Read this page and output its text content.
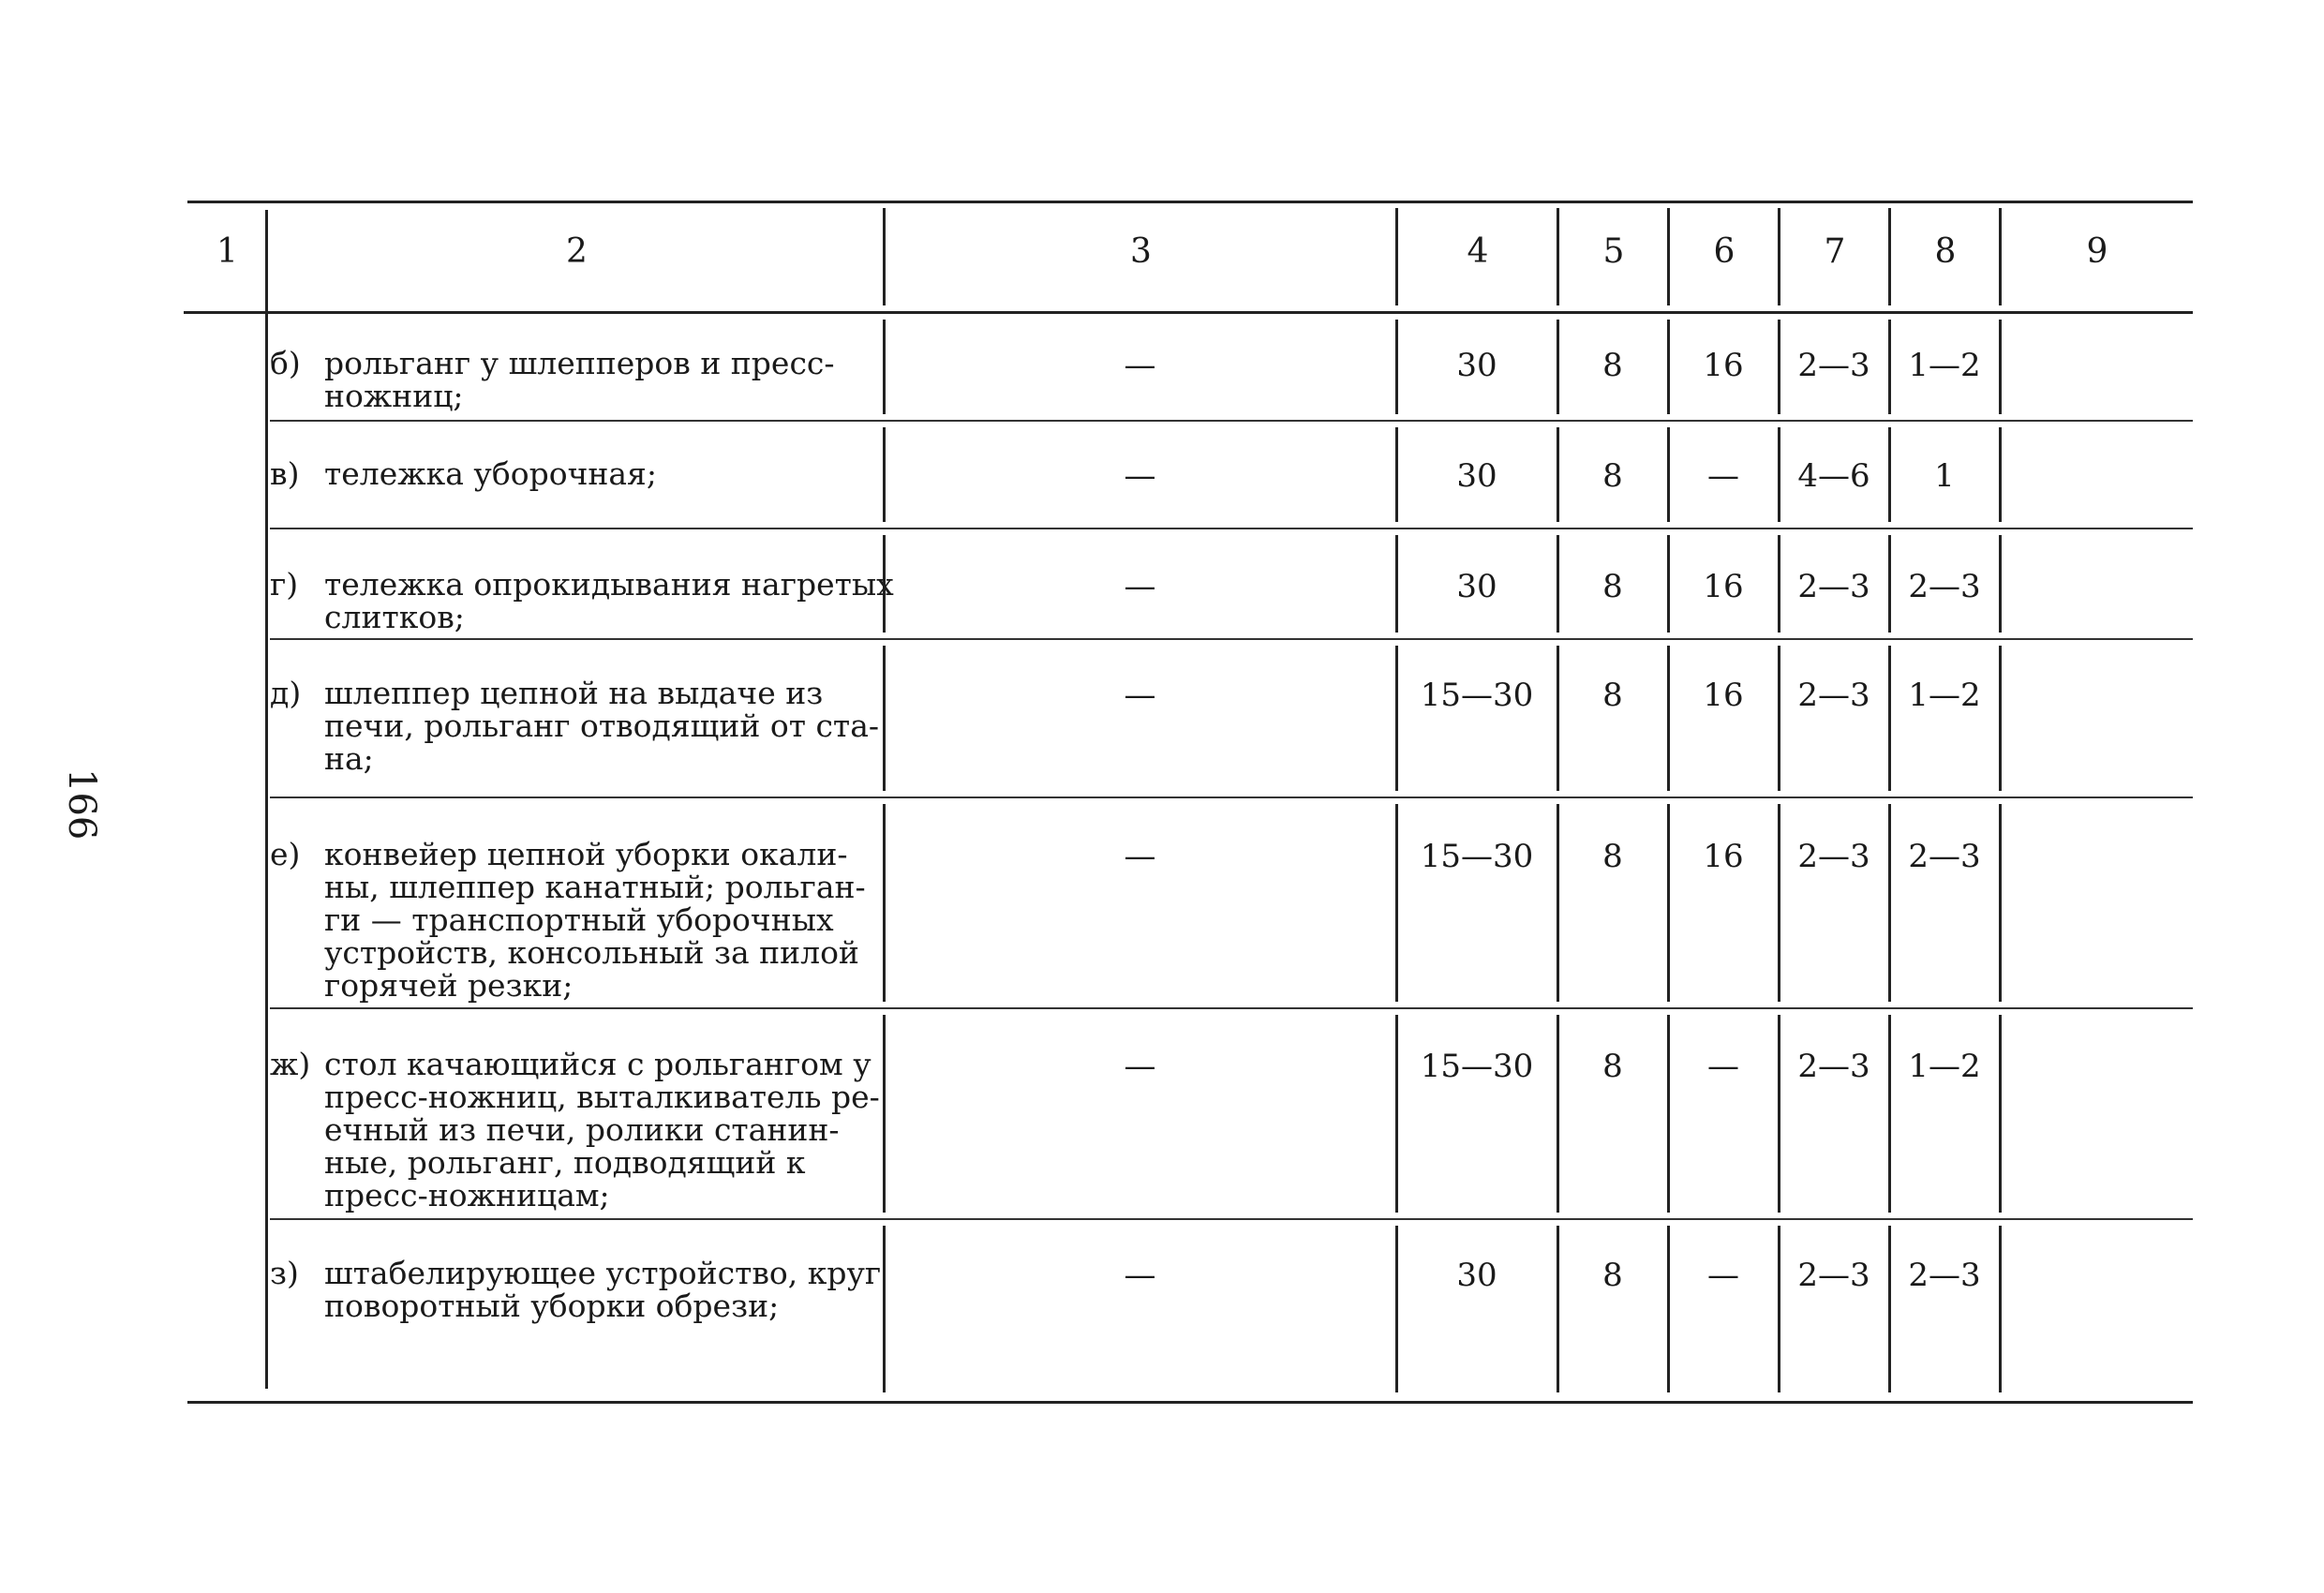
166
1	2	3	4	5	6	7	8	9
б) рольганг у шлепперов и пресс-
ножниц;
—	30	8	16	2—3	1—2
в) тележка уборочная;	—	30	8	—	4—6	1
г) тележка опрокидывания нагретых
слитков;
—	30	8	16	2—3	2—3
д) шлеппер цепной на выдаче из
печи, рольганг отводящий от ста-
на;
—	15—30	8	16	2—3	1—2
е) конвейер цепной уборки окали-
ны, шлеппер канатный; рольган-
ги — транспортный уборочных
устройств, консольный за пилой
горячей резки;
—	15—30	8	16	2—3	2—3
ж) стол качающийся с рольгангом у
пресс-ножниц, выталкиватель ре-
ечный из печи, ролики станин-
ные, рольганг, подводящий к
пресс-ножницам;
—	15—30	8	—	2—3	1—2
з) штабелирующее устройство, круг
поворотный уборки обрези;
—	30	8	—	2—3	2—3
